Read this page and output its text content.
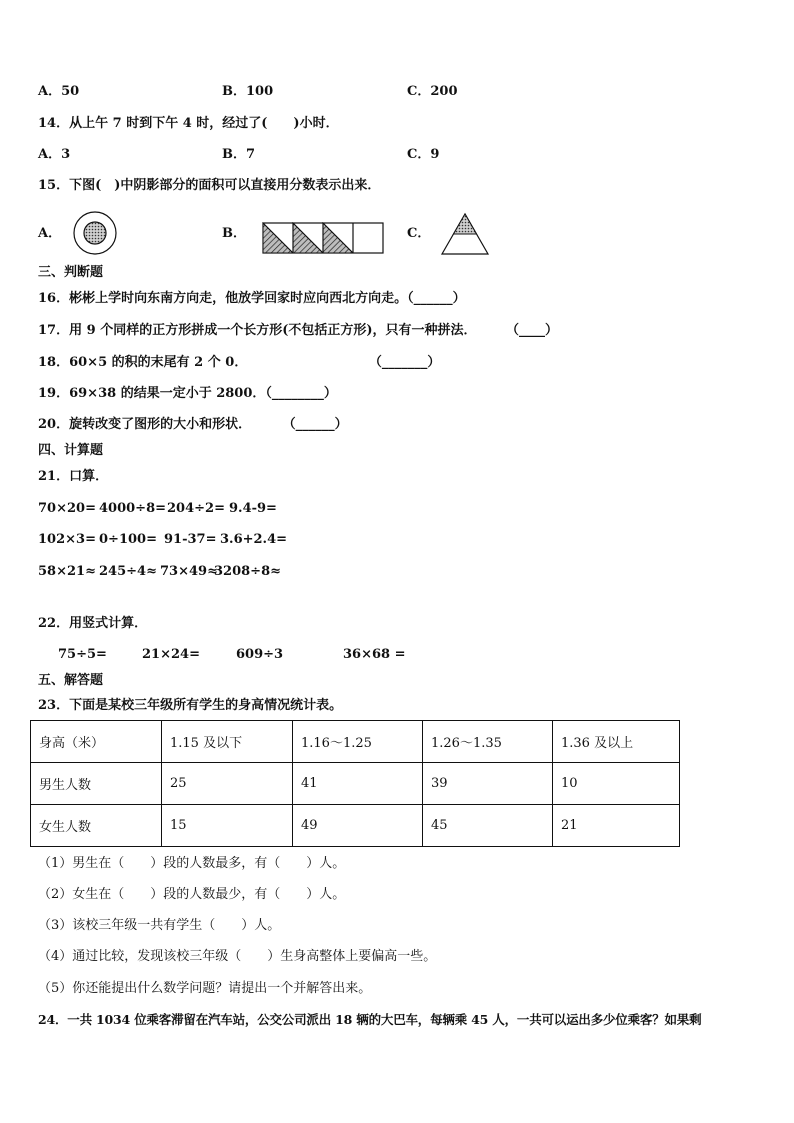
A．50	B．100	C．200
14．从上午 7 时到下午 4 时，经过了(　　)小时．
A．3	B．7	C．9
15．下图(　)中阴影部分的面积可以直接用分数表示出来．
A．	B．	C．
三、判断题
16．彬彬上学时向东南方向走，他放学回家时应向西北方向走。（______）
17．用 9 个同样的正方形拼成一个长方形(不包括正方形)，只有一种拼法．	（____）
18．60×5 的积的末尾有 2 个 0．	（_______）
19．69×38 的结果一定小于 2800．（________）
20．旋转改变了图形的大小和形状．	（______）
四、计算题
21．口算．
70×20= 4000÷8= 204÷2= 9.4-9=
102×3= 0÷100= 91-37= 3.6+2.4=
58×21≈ 245÷4≈ 73×49≈
3208÷8≈
22．用竖式计算．
75÷5=	21×24=	609÷3	36×68 =
五、解答题
23．下面是某校三年级所有学生的身高情况统计表。
身高（米）	1.15 及以下	1.16～1.25	1.26～1.35	1.36 及以上
男生人数	25	41	39	10
女生人数	15	49	45	21
（1）男生在（　　）段的人数最多，有（　　）人。
（2）女生在（　　）段的人数最少，有（　　）人。
（3）该校三年级一共有学生（　　）人。
（4）通过比较，发现该校三年级（　　）生身高整体上要偏高一些。
（5）你还能提出什么数学问题？请提出一个并解答出来。
24．一共 1034 位乘客滞留在汽车站，公交公司派出 18 辆的大巴车，每辆乘 45 人，一共可以运出多少位乘客？如果剩
